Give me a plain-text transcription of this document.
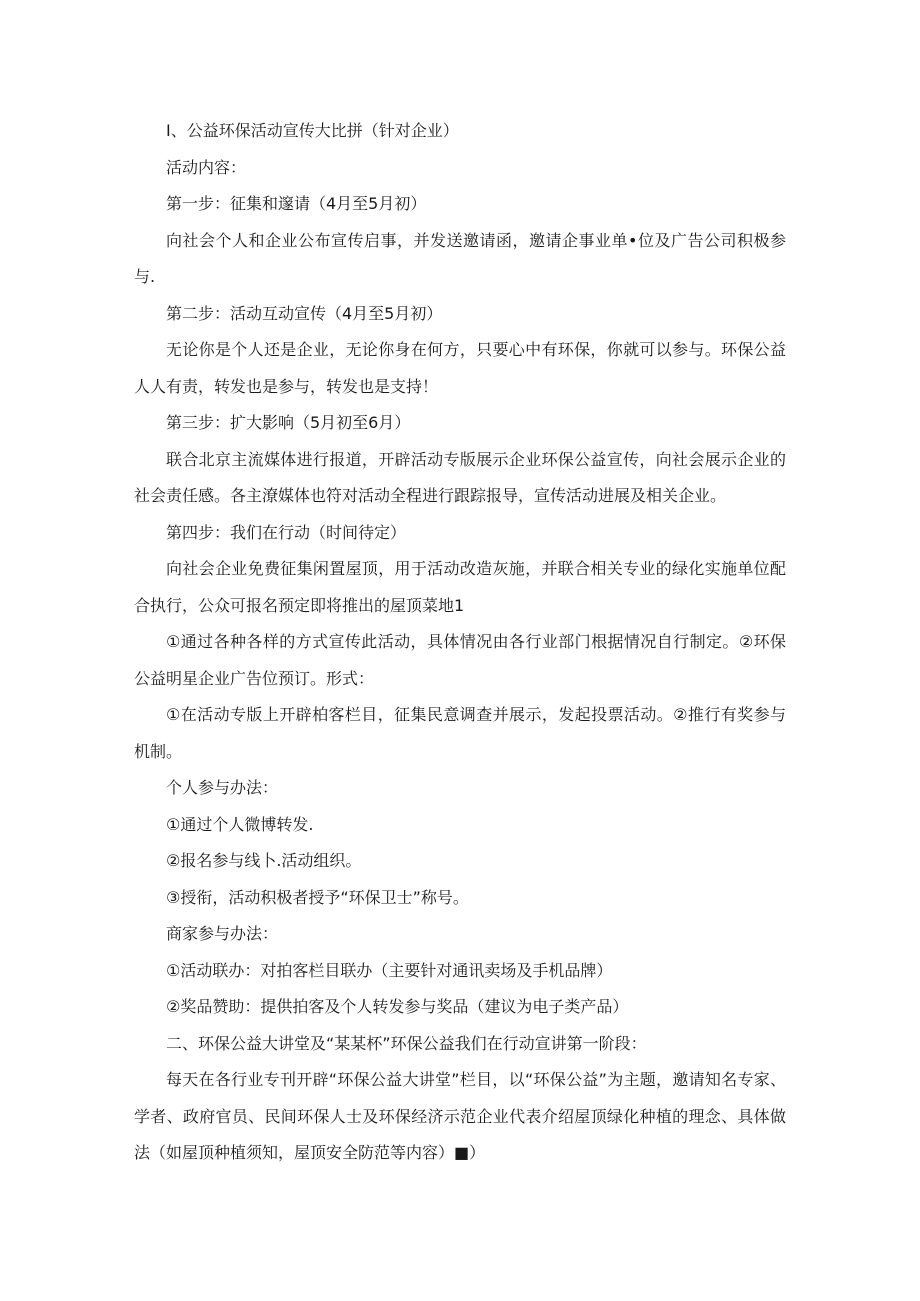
I、公益环保活动宣传大比拼（针对企业）

活动内容：

第一步：征集和邃请（4月至5月初）

向社会个人和企业公布宣传启事，并发送邀请函，邀请企事业单•位及广告公司积极参与.

第二步：活动互动宣传（4月至5月初）

无论你是个人还是企业，无论你身在何方，只要心中有环保，你就可以参与。环保公益人人有责，转发也是参与，转发也是支持！

第三步：扩大影响（5月初至6月）

联合北京主流媒体进行报道，开辟活动专版展示企业环保公益宣传，向社会展示企业的社会责任感。各主潦媒体也符对活动全程进行跟踪报导，宣传活动进展及相关企业。

第四步：我们在行动（时间待定）

向社会企业免费征集闲置屋顶，用于活动改造灰施，并联合相关专业的绿化实施单位配合执行，公众可报名预定即将推出的屋顶菜地1

①通过各种各样的方式宣传此活动，具体情况由各行业部门根据情况自行制定。②环保公益明星企业广告位预订。形式：

①在活动专版上开辟柏客栏目，征集民意调查并展示，发起投票活动。②推行有奖参与机制。

个人参与办法：

①通过个人微博转发.

②报名参与线卜.活动组织。

③授衔，活动积极者授予“环保卫士”称号。

商家参与办法：

①活动联办：对拍客栏目联办（主要针对通讯卖场及手机品牌）

②奖品赞助：提供拍客及个人转发参与奖品（建议为电子类产品）

二、环保公益大讲堂及“某某杯”环保公益我们在行动宣讲第一阶段：

每天在各行业专刊开辟“环保公益大讲堂”栏目，以“环保公益”为主题，邀请知名专家、学者、政府官员、民间环保人士及环保经济示范企业代表介绍屋顶绿化种植的理念、具体做法（如屋顶种植须知，屋顶安全防范等内容）■）
